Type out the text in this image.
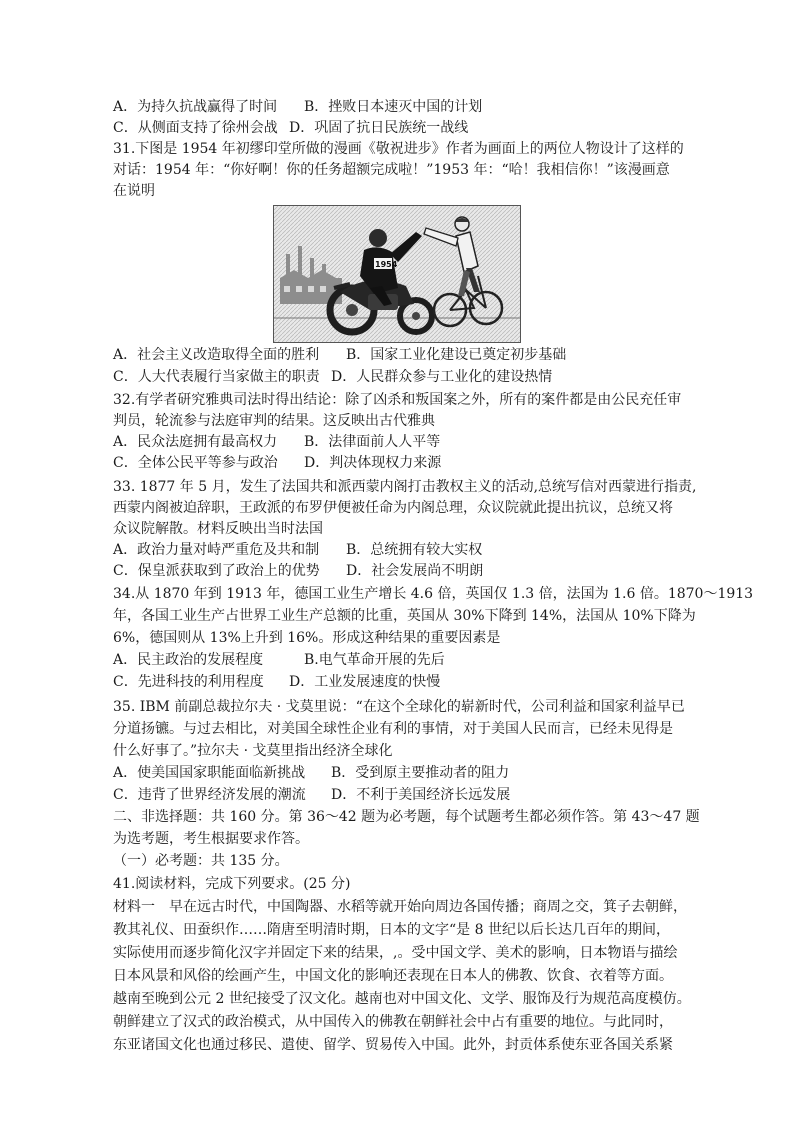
A．为持久抗战赢得了时间 B．挫败日本速灭中国的计划
C．从侧面支持了徐州会战 D．巩固了抗日民族统一战线
31.下图是 1954 年初缪印堂所做的漫画《敬祝进步》作者为画面上的两位人物设计了这样的
对话：1954 年：“你好啊！你的任务超额完成啦！”1953 年：“哈！我相信你！”该漫画意
在说明
1954
A．社会主义改造取得全面的胜利 B．国家工业化建设已奠定初步基础
C．人大代表履行当家做主的职责 D．人民群众参与工业化的建设热情
32.有学者研究雅典司法时得出结论：除了凶杀和叛国案之外，所有的案件都是由公民充任审
判员，轮流参与法庭审判的结果。这反映出古代雅典
A．民众法庭拥有最高权力 B．法律面前人人平等
C．全体公民平等参与政治 D．判决体现权力来源
33. 1877 年 5 月，发生了法国共和派西蒙内阁打击教权主义的活动,总统写信对西蒙进行指责,
西蒙内阁被迫辞职，王政派的布罗伊便被任命为内阁总理，众议院就此提出抗议，总统又将
众议院解散。材料反映出当时法国
A．政治力量对峙严重危及共和制 B．总统拥有较大实权
C．保皇派获取到了政治上的优势 D．社会发展尚不明朗
34.从 1870 年到 1913 年，德国工业生产增长 4.6 倍，英国仅 1.3 倍，法国为 1.6 倍。1870～1913
年，各国工业生产占世界工业生产总额的比重，英国从 30%下降到 14%，法国从 10%下降为
6%，德国则从 13%上升到 16%。形成这种结果的重要因素是
A．民主政治的发展程度	B.电气革命开展的先后
C．先进科技的利用程度 D．工业发展速度的快慢
35. IBM 前副总裁拉尔夫 · 戈莫里说：“在这个全球化的崭新时代，公司利益和国家利益早已
分道扬镳。与过去相比，对美国全球性企业有利的事情，对于美国人民而言，已经未见得是
什么好事了。”拉尔夫 · 戈莫里指出经济全球化
A．使美国国家职能面临新挑战 B．受到原主要推动者的阻力
C．违背了世界经济发展的潮流 D．不利于美国经济长远发展
二、非选择题：共 160 分。第 36～42 题为必考题，每个试题考生都必须作答。第 43～47 题
为选考题，考生根据要求作答。
（一）必考题：共 135 分。
41.阅读材料，完成下列要求。(25 分)
材料一　早在远古时代，中国陶器、水稻等就开始向周边各国传播；商周之交，箕子去朝鲜，
教其礼仪、田蚕织作……隋唐至明清时期，日本的文字“是 8 世纪以后长达几百年的期间，
实际使用而逐步简化汉字并固定下来的结果，,。受中国文学、美术的影响，日本物语与描绘
日本风景和风俗的绘画产生，中国文化的影响还表现在日本人的佛教、饮食、衣着等方面。
越南至晚到公元 2 世纪接受了汉文化。越南也对中国文化、文学、服饰及行为规范高度模仿。
朝鲜建立了汉式的政治模式，从中国传入的佛教在朝鲜社会中占有重要的地位。与此同时，
东亚诸国文化也通过移民、遣使、留学、贸易传入中国。此外，封贡体系使东亚各国关系紧
